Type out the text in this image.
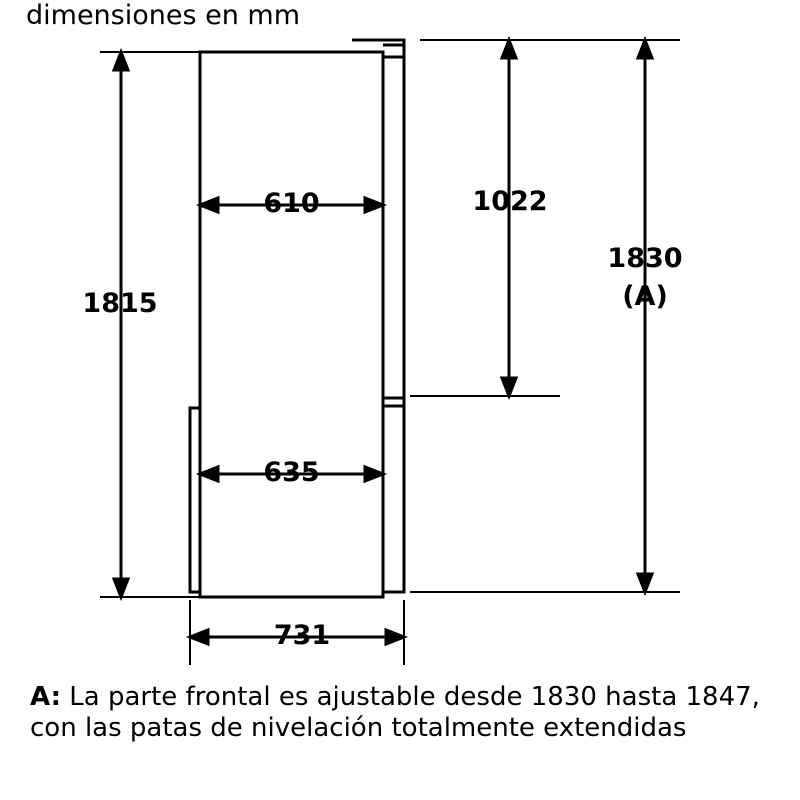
dimensiones en mm
610	1022
1815
1830
(A)
635
731
A: La parte frontal es ajustable desde 1830 hasta 1847, con las patas de nivelación totalmente extendidas
